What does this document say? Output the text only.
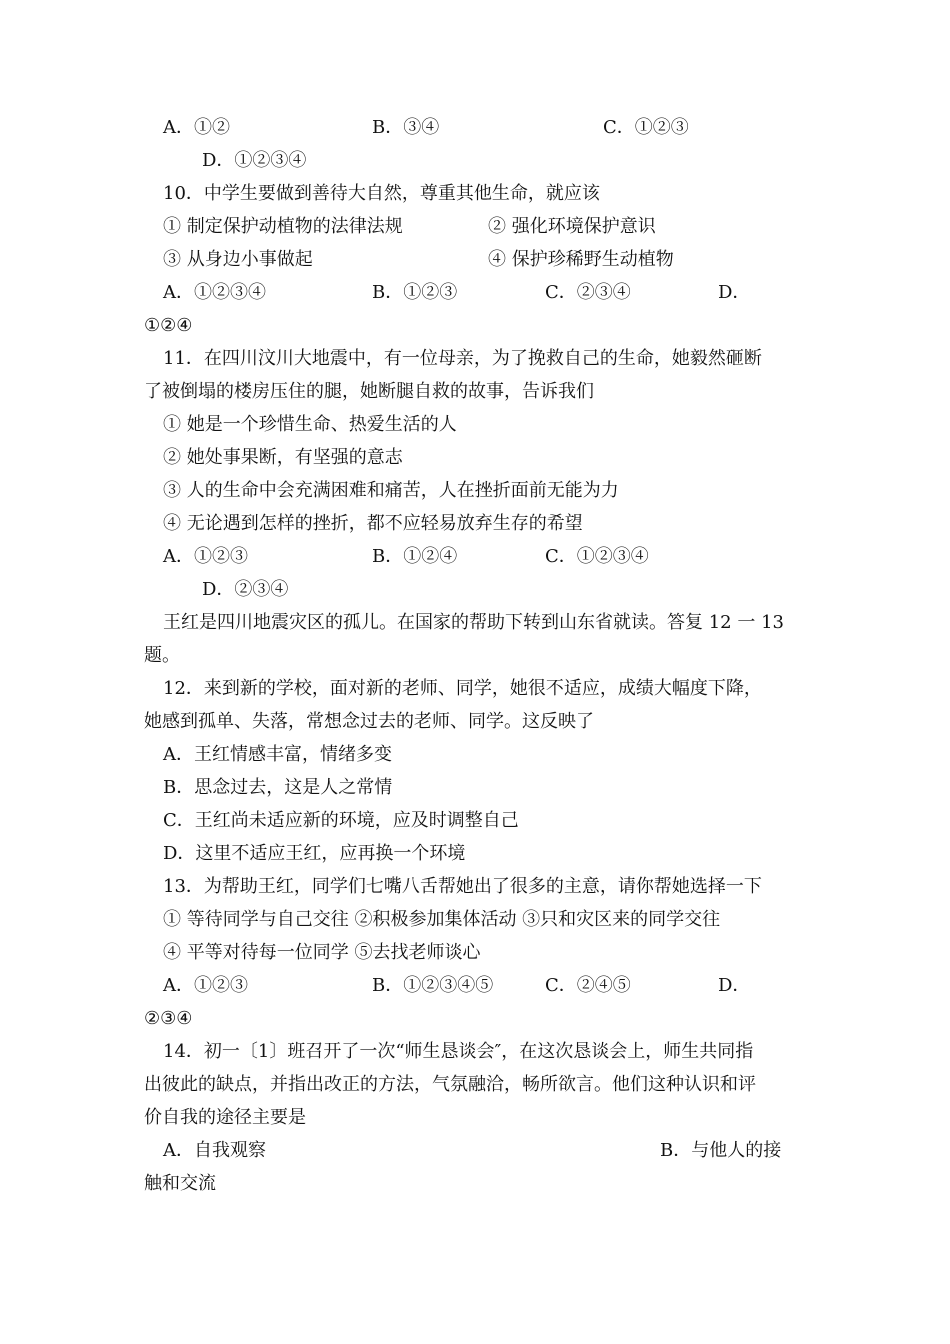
A．①②	B．③④	C．①②③
D．①②③④
10．中学生要做到善待大自然，尊重其他生命，就应该
① 制定保护动植物的法律法规	② 强化环境保护意识
③ 从身边小事做起	④ 保护珍稀野生动植物
A．①②③④	B．①②③	C．②③④	D．
①②④
11．在四川汶川大地震中，有一位母亲，为了挽救自己的生命，她毅然砸断
了被倒塌的楼房压住的腿，她断腿自救的故事，告诉我们
① 她是一个珍惜生命、热爱生活的人
② 她处事果断，有坚强的意志
③ 人的生命中会充满困难和痛苦，人在挫折面前无能为力
④ 无论遇到怎样的挫折，都不应轻易放弃生存的希望
A．①②③	B．①②④	C．①②③④
D．②③④
王红是四川地震灾区的孤儿。在国家的帮助下转到山东省就读。答复 12 一 13
题。
12．来到新的学校，面对新的老师、同学，她很不适应，成绩大幅度下降，
她感到孤单、失落，常想念过去的老师、同学。这反映了
A．王红情感丰富，情绪多变
B．思念过去，这是人之常情
C．王红尚未适应新的环境，应及时调整自己
D．这里不适应王红，应再换一个环境
13．为帮助王红，同学们七嘴八舌帮她出了很多的主意，请你帮她选择一下
① 等待同学与自己交往 ②积极参加集体活动 ③只和灾区来的同学交往
④ 平等对待每一位同学 ⑤去找老师谈心
A．①②③	B．①②③④⑤	C．②④⑤	D．
②③④
14．初一〔1〕班召开了一次“师生恳谈会″，在这次恳谈会上，师生共同指
出彼此的缺点，并指出改正的方法，气氛融洽，畅所欲言。他们这种认识和评
价自我的途径主要是
A．自我观察	B．与他人的接
触和交流
